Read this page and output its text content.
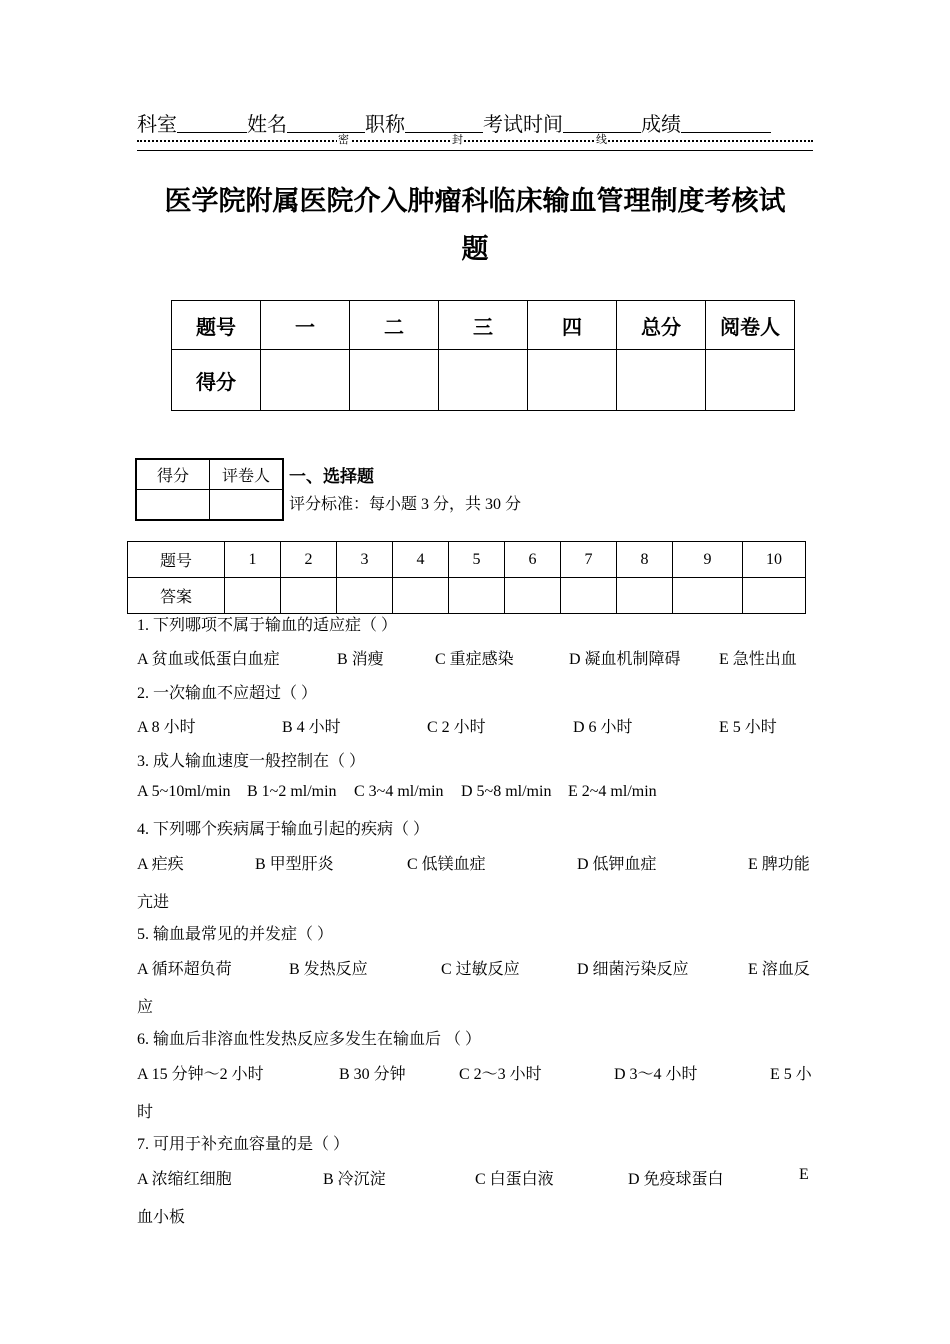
科室	姓名	职称	考试时间	成绩
密	封	线
医学院附属医院介入肿瘤科临床输血管理制度考核试
题
题号	一	二	三	四	总分	阅卷人
得分						
得分	评卷人
	一、选择题
评分标准：每小题 3 分，共 30 分
题号	1	2	3	4	5	6	7	8	9	10
答案										
1. 下列哪项不属于输血的适应症（ ）
A 贫血或低蛋白血症	B 消瘦	C 重症感染	D 凝血机制障碍 E 急性出血
2. 一次输血不应超过（ ）
A 8 小时	B 4 小时	C 2 小时	D 6 小时	E 5 小时
3. 成人输血速度一般控制在（ ）
A 5~10ml/min B 1~2 ml/min C 3~4 ml/min D 5~8 ml/min E 2~4 ml/min
4. 下列哪个疾病属于输血引起的疾病（ ）
A 疟疾	B 甲型肝炎	C 低镁血症	D 低钾血症	E 脾功能
亢进
5. 输血最常见的并发症（ ）
A 循环超负荷	B 发热反应	C 过敏反应	D 细菌污染反应	E 溶血反
应
6. 输血后非溶血性发热反应多发生在输血后 （ ）
A 15 分钟～2 小时	B 30 分钟	C 2～3 小时	D 3～4 小时	E 5 小
时
7. 可用于补充血容量的是（ ）
A 浓缩红细胞	B 冷沉淀	C 白蛋白液	D 免疫球蛋白	E
血小板
